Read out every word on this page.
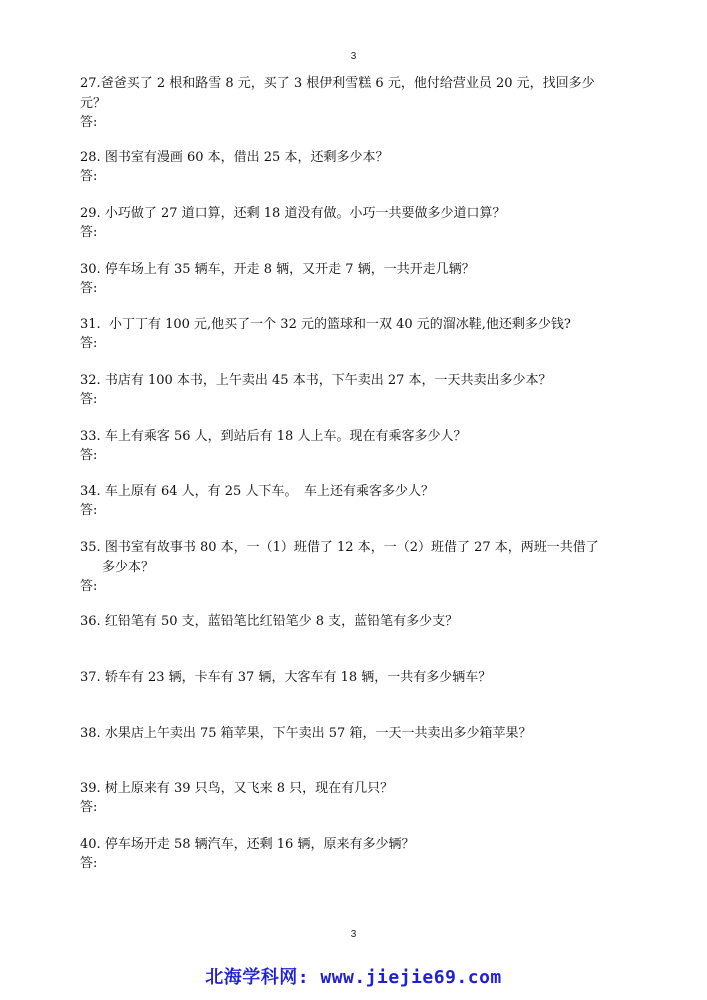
3
27.爸爸买了 2 根和路雪 8 元，买了 3 根伊利雪糕 6 元，他付给营业员 20 元，找回多少
元？
答:
28. 图书室有漫画 60 本，借出 25 本，还剩多少本？
答:
29. 小巧做了 27 道口算，还剩 18 道没有做。小巧一共要做多少道口算？
答:
30. 停车场上有 35 辆车，开走 8 辆，又开走 7 辆，一共开走几辆？
答:
31. 小丁丁有 100 元,他买了一个 32 元的篮球和一双 40 元的溜冰鞋,他还剩多少钱?
答:
32. 书店有 100 本书，上午卖出 45 本书，下午卖出 27 本，一天共卖出多少本？
答:
33. 车上有乘客 56 人，到站后有 18 人上车。现在有乘客多少人？
答:
34. 车上原有 64 人，有 25 人下车。　车上还有乘客多少人？
答:
35. 图书室有故事书 80 本，一（1）班借了 12 本，一（2）班借了 27 本，两班一共借了
多少本？
答:
36. 红铅笔有 50 支，蓝铅笔比红铅笔少 8 支，蓝铅笔有多少支？
37. 轿车有 23 辆，卡车有 37 辆，大客车有 18 辆，一共有多少辆车？
38. 水果店上午卖出 75 箱苹果，下午卖出 57 箱，一天一共卖出多少箱苹果？
39. 树上原来有 39 只鸟，又飞来 8 只，现在有几只？
答:
40. 停车场开走 58 辆汽车，还剩 16 辆，原来有多少辆？
答:
3
北海学科网: www.jiejie69.com
